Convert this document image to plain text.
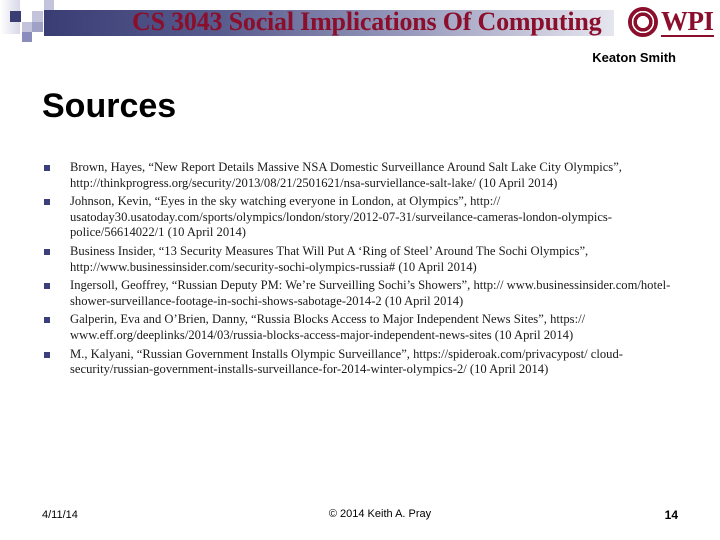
CS 3043 Social Implications Of Computing WPI
Keaton Smith
Sources
Brown, Hayes, “New Report Details Massive NSA Domestic Surveillance Around Salt Lake City Olympics”, http://thinkprogress.org/security/2013/08/21/2501621/nsa-surviellance-salt-lake/ (10 April 2014)
Johnson, Kevin, “Eyes in the sky watching everyone in London, at Olympics”, http:// usatoday30.usatoday.com/sports/olympics/london/story/2012-07-31/surveilance-cameras-london-olympics-police/56614022/1 (10 April 2014)
Business Insider, “13 Security Measures That Will Put A ‘Ring of Steel’ Around The Sochi Olympics”, http://www.businessinsider.com/security-sochi-olympics-russia# (10 April 2014)
Ingersoll, Geoffrey, “Russian Deputy PM: We’re Surveilling Sochi’s Showers”, http:// www.businessinsider.com/hotel-shower-surveillance-footage-in-sochi-shows-sabotage-2014-2 (10 April 2014)
Galperin, Eva and O’Brien, Danny, “Russia Blocks Access to Major Independent News Sites”, https:// www.eff.org/deeplinks/2014/03/russia-blocks-access-major-independent-news-sites (10 April 2014)
M., Kalyani, “Russian Government Installs Olympic Surveillance”, https://spideroak.com/privacypost/ cloud-security/russian-government-installs-surveillance-for-2014-winter-olympics-2/ (10 April 2014)
4/11/14	© 2014 Keith A. Pray	14
